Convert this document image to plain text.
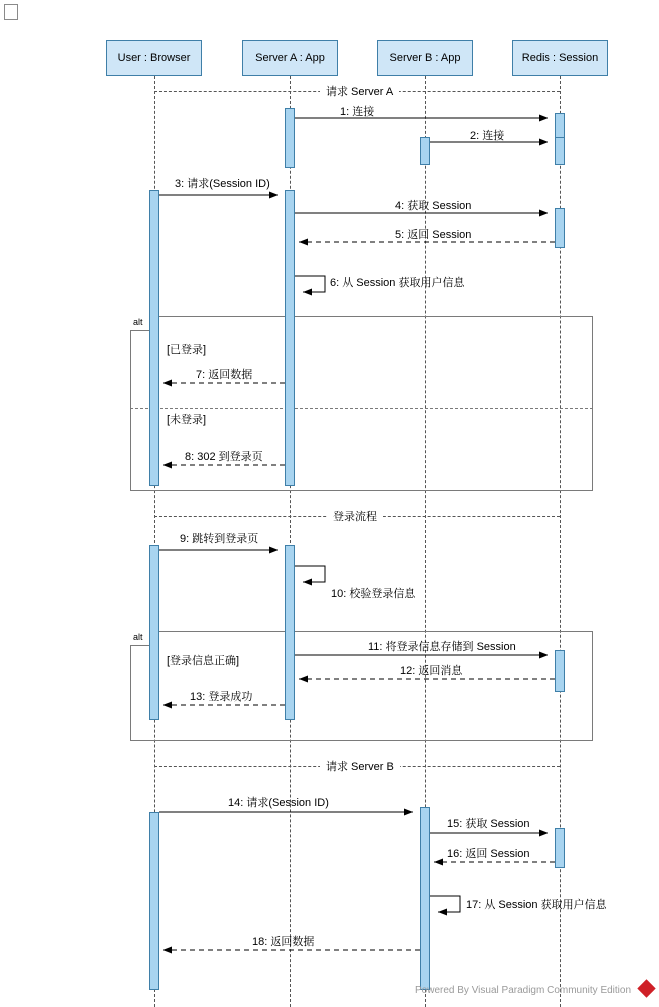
alt
[已登录]
[未登录]
alt
[登录信息正确]
请求 Server A
登录流程
请求 Server B
1: 连接
2: 连接
3: 请求(Session ID)
4: 获取 Session
5: 返回 Session
6: 从 Session 获取用户信息
7: 返回数据
8: 302 到登录页
9: 跳转到登录页
10: 校验登录信息
11: 将登录信息存储到 Session
12: 返回消息
13: 登录成功
14: 请求(Session ID)
15: 获取 Session
16: 返回 Session
17: 从 Session 获取用户信息
18: 返回数据
User : Browser	Server A : App	Server B : App	Redis : Session
Powered By Visual Paradigm Community Edition
